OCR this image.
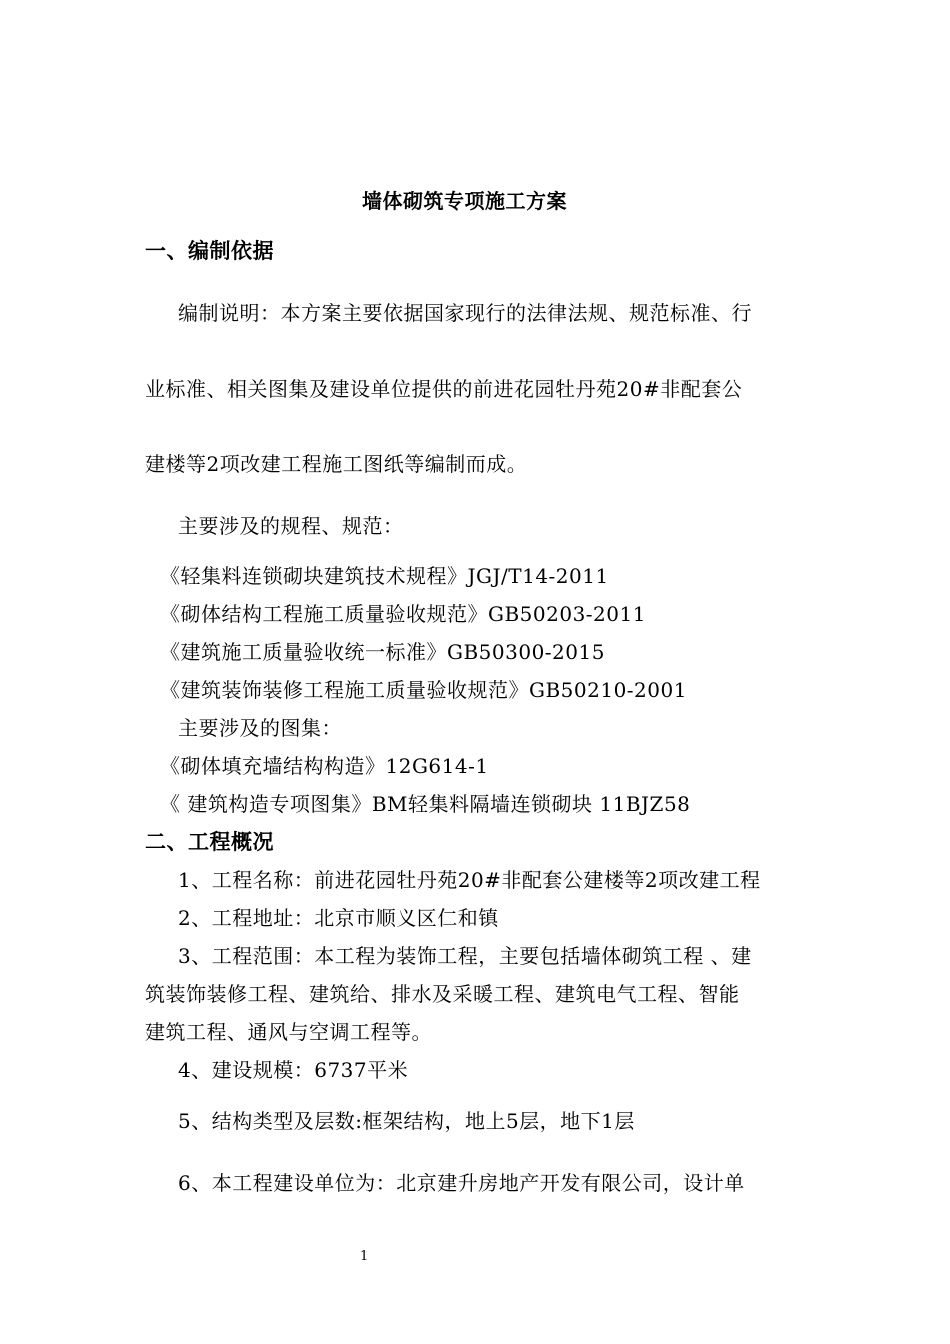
墙体砌筑专项施工方案
一、编制依据
编制说明：本方案主要依据国家现行的法律法规、规范标准、行
业标准、相关图集及建设单位提供的前进花园牡丹苑20#非配套公
建楼等2项改建工程施工图纸等编制而成。
主要涉及的规程、规范：
《轻集料连锁砌块建筑技术规程》JGJ/T14-2011
《砌体结构工程施工质量验收规范》GB50203-2011
《建筑施工质量验收统一标准》GB50300-2015
《建筑装饰装修工程施工质量验收规范》GB50210-2001
主要涉及的图集：
《砌体填充墙结构构造》12G614-1
《 建筑构造专项图集》BM轻集料隔墙连锁砌块 11BJZ58
二、工程概况
1、工程名称：前进花园牡丹苑20#非配套公建楼等2项改建工程
2、工程地址：北京市顺义区仁和镇
3、工程范围：本工程为装饰工程，主要包括墙体砌筑工程 、建
筑装饰装修工程、建筑给、排水及采暖工程、建筑电气工程、智能
建筑工程、通风与空调工程等。
4、建设规模：6737平米
5、结构类型及层数:框架结构，地上5层，地下1层
6、本工程建设单位为：北京建升房地产开发有限公司，设计单
1
